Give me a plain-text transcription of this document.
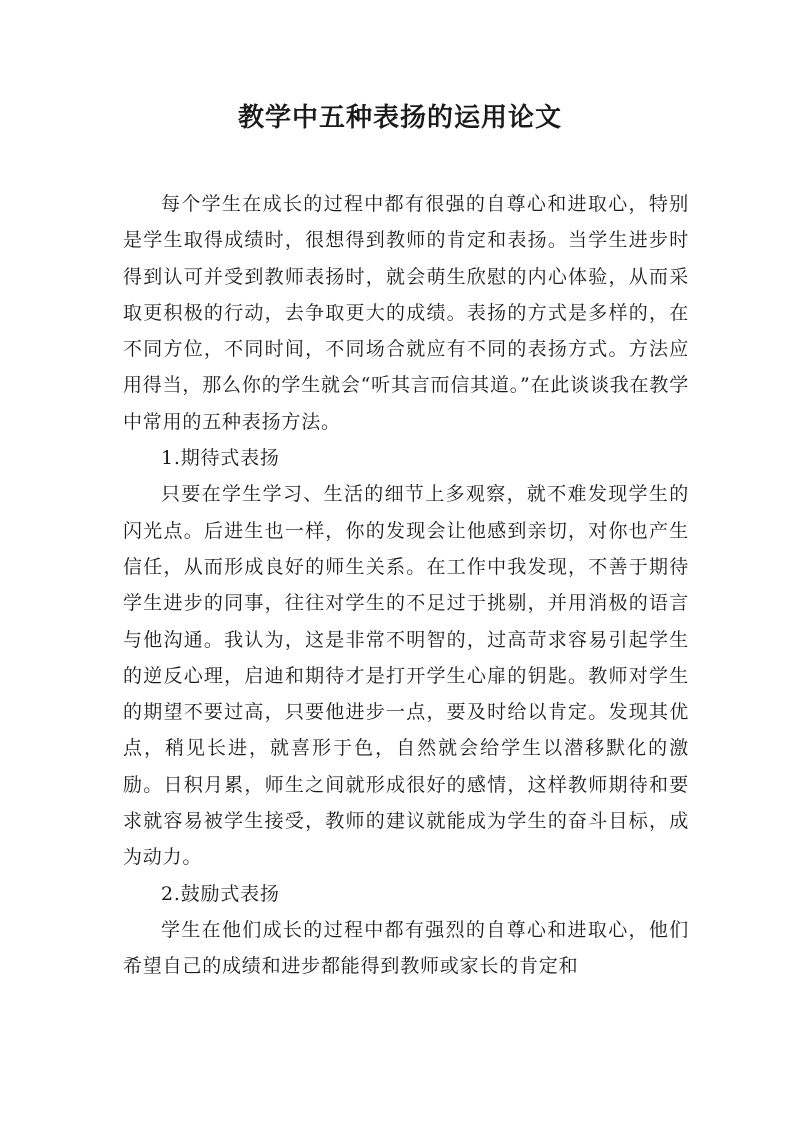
教学中五种表扬的运用论文

每个学生在成长的过程中都有很强的自尊心和进取心，特别是学生取得成绩时，很想得到教师的肯定和表扬。当学生进步时得到认可并受到教师表扬时，就会萌生欣慰的内心体验，从而采取更积极的行动，去争取更大的成绩。表扬的方式是多样的，在不同方位，不同时间，不同场合就应有不同的表扬方式。方法应用得当，那么你的学生就会“听其言而信其道。”在此谈谈我在教学中常用的五种表扬方法。

1.期待式表扬

只要在学生学习、生活的细节上多观察，就不难发现学生的闪光点。后进生也一样，你的发现会让他感到亲切，对你也产生信任，从而形成良好的师生关系。在工作中我发现，不善于期待学生进步的同事，往往对学生的不足过于挑剔，并用消极的语言与他沟通。我认为，这是非常不明智的，过高苛求容易引起学生的逆反心理，启迪和期待才是打开学生心扉的钥匙。教师对学生的期望不要过高，只要他进步一点，要及时给以肯定。发现其优点，稍见长进，就喜形于色，自然就会给学生以潜移默化的激励。日积月累，师生之间就形成很好的感情，这样教师期待和要求就容易被学生接受，教师的建议就能成为学生的奋斗目标，成为动力。

2.鼓励式表扬

学生在他们成长的过程中都有强烈的自尊心和进取心，他们希望自己的成绩和进步都能得到教师或家长的肯定和
